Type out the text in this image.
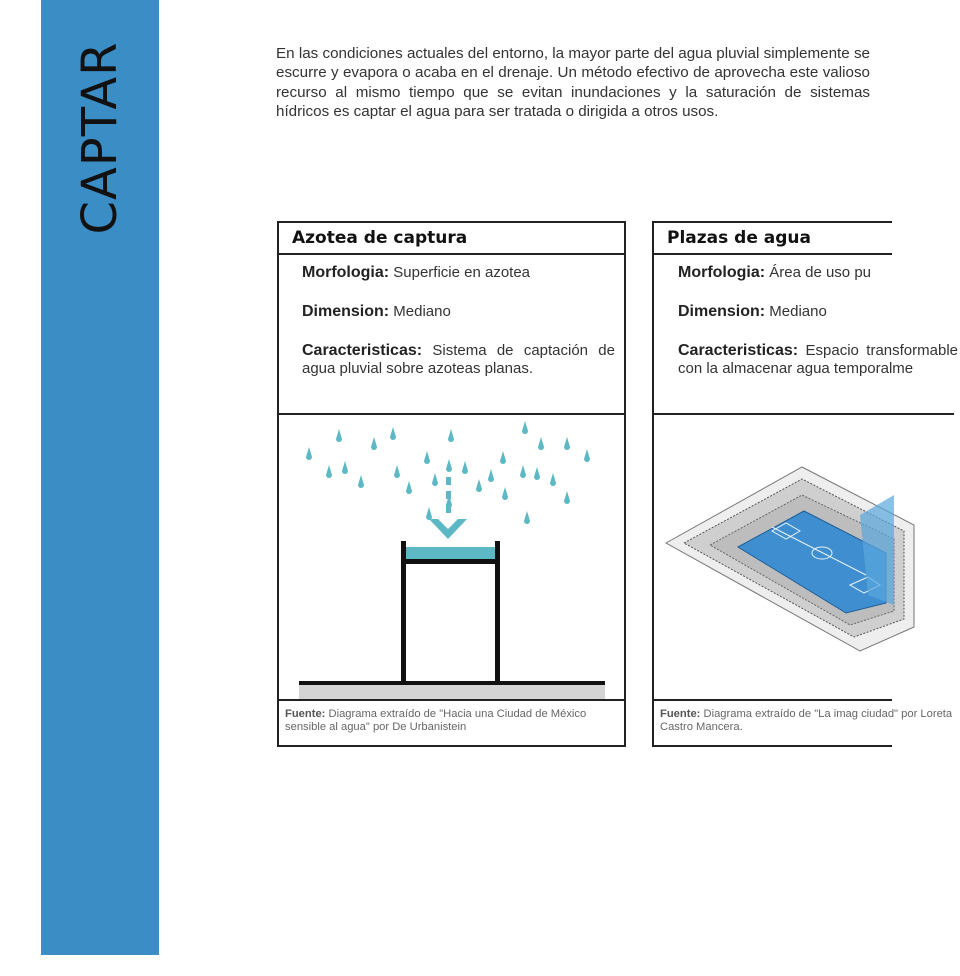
CAPTAR	En las condiciones actuales del entorno, la mayor parte del agua pluvial simplemente se escurre y evapora o acaba en el drenaje. Un método efectivo de aprovecha este valioso recurso al mismo tiempo que se evitan inundaciones y la saturación de sistemas hídricos es captar el agua para ser tratada o dirigida a otros usos.

Azotea de captura
Morfologia: Superficie en azotea
Dimension: Mediano
Caracteristicas: Sistema de captación de agua pluvial sobre azoteas planas.
Fuente: Diagrama extraído de "Hacia una Ciudad de México sensible al agua" por De Urbanistein
Plazas de agua
Morfologia: Área de uso pu
Dimension: Mediano
Caracteristicas: Espacio transformable con la almacenar agua temporalme
Fuente: Diagrama extraído de "La imag ciudad" por Loreta Castro Mancera.
